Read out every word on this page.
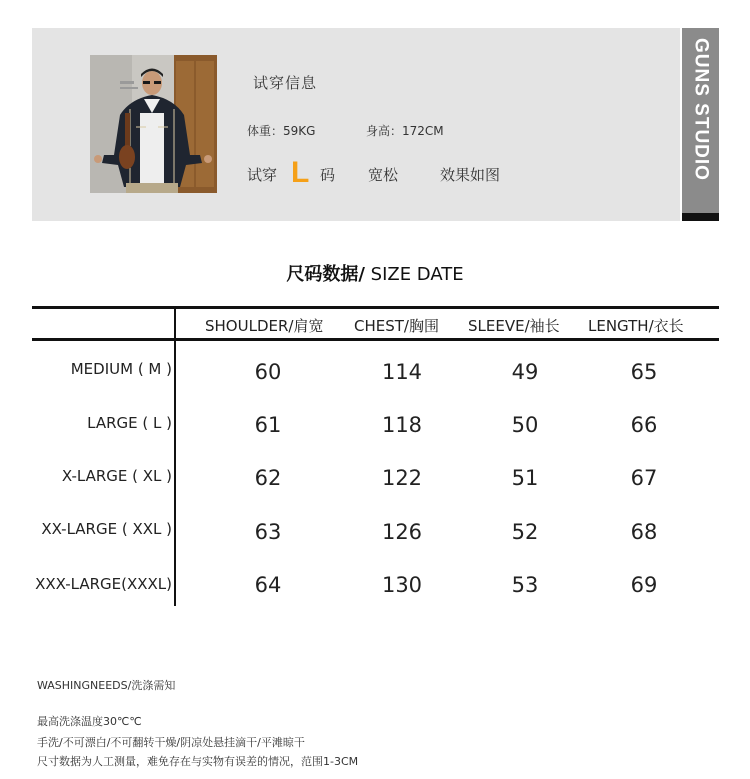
试穿信息
体重：59KG	身高：172CM
试穿 L 码 宽松	效果如图	GUNS STUDIO
尺码数据/ SIZE DATE
SHOULDER/肩宽 CHEST/胸围 SLEEVE/袖长 LENGTH/衣长
MEDIUM ( M )	60	114	49	65
LARGE ( L )	61	118	50	66
X-LARGE ( XL )	62	122	51	67
XX-LARGE ( XXL )	63	126	52	68
XXX-LARGE(XXXL)	64	130	53	69
WASHINGNEEDS/洗涤需知
最高洗涤温度30℃℃
手洗/不可漂白/不可翻转干燥/阴凉处悬挂滴干/平滩晾干
尺寸数据为人工测量，难免存在与实物有误差的情况，范围1-3CM
